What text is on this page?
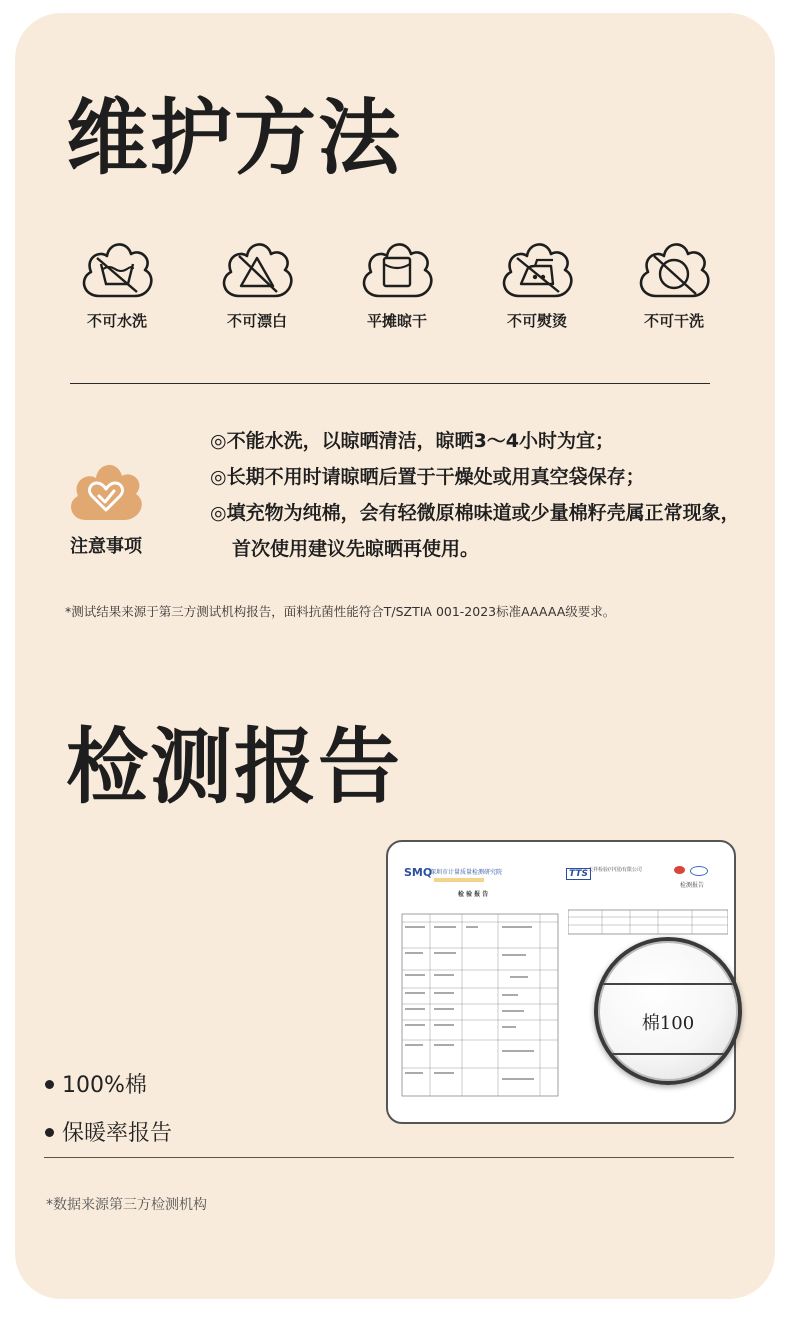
维护方法
不可水洗	不可漂白	平摊晾干	不可熨烫	不可干洗
注意事项
◎不能水洗，以晾晒清洁，晾晒3～4小时为宜；
◎长期不用时请晾晒后置于干燥处或用真空袋保存；
◎填充物为纯棉，会有轻微原棉味道或少量棉籽壳属正常现象，首次使用建议先晾晒再使用。
*测试结果来源于第三方测试机构报告，面料抗菌性能符合T/SZTIA 001-2023标准AAAAA级要求。
检测报告
SMQ
深圳市计量质量检测研究院
检 验 报 告
TTS 天祥检验(中国)有限公司
检测报告
棉100
100%棉
保暖率报告
*数据来源第三方检测机构
